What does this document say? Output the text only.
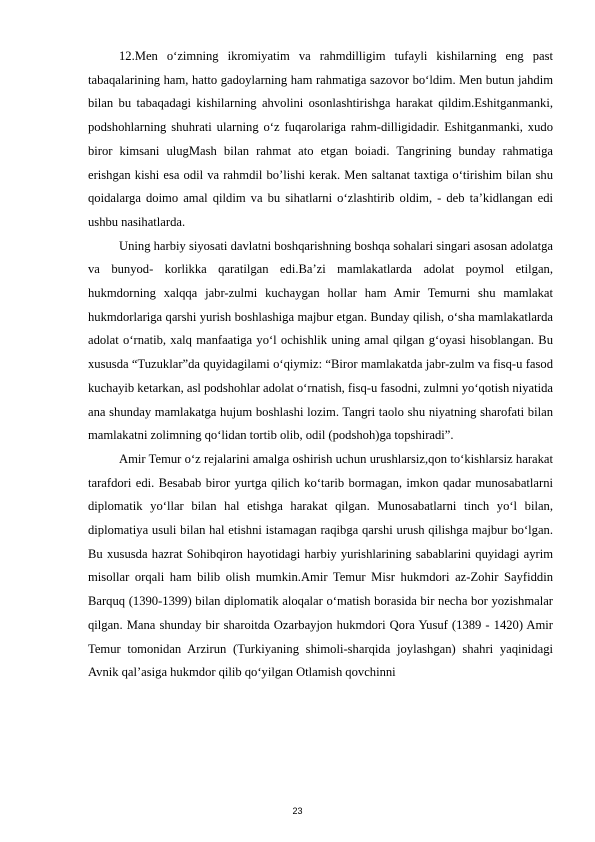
12.Men o‘zimning ikromiyatim va rahmdilligim tufayli kishilarning eng past tabaqalarining ham, hatto gadoylarning ham rahmatiga sazovor bo‘ldim. Men butun jahdim bilan bu tabaqadagi kishilarning ahvolini osonlashtirishga harakat qildim.Eshitganmanki, podshohlarning shuhrati ularning o‘z fuqarolariga rahm-dilligidadir. Eshitganmanki, xudo biror kimsani ulugMash bilan rahmat ato etgan boiadi. Tangrining bunday rahmatiga erishgan kishi esa odil va rahmdil bo’lishi kerak. Men saltanat taxtiga o‘tirishim bilan shu qoidalarga doimo amal qildim va bu sihatlarni o‘zlashtirib oldim, - deb ta’kidlangan edi ushbu nasihatlarda.

Uning harbiy siyosati davlatni boshqarishning boshqa sohalari singari asosan adolatga va bunyod- korlikka qaratilgan edi.Ba’zi mamlakatlarda adolat poymol etilgan, hukmdorning xalqqa jabr-zulmi kuchaygan hollar ham Amir Temurni shu mamlakat hukmdorlariga qarshi yurish boshlashiga majbur etgan. Bunday qilish, o‘sha mamlakatlarda adolat o‘rnatib, xalq manfaatiga yo‘l ochishlik uning amal qilgan g‘oyasi hisoblangan. Bu xususda “Tuzuklar”da quyidagilami o‘qiymiz: “Biror mamlakatda jabr-zulm va fisq-u fasod kuchayib ketarkan, asl podshohlar adolat o‘rnatish, fisq-u fasodni, zulmni yo‘qotish niyatida ana shunday mamlakatga hujum boshlashi lozim. Tangri taolo shu niyatning sharofati bilan mamlakatni zolimning qo‘lidan tortib olib, odil (podshoh)ga topshiradi”.

Amir Temur o‘z rejalarini amalga oshirish uchun urushlarsiz,qon to‘kishlarsiz harakat tarafdori edi. Besabab biror yurtga qilich ko‘tarib bormagan, imkon qadar munosabatlarni diplomatik yo‘llar bilan hal etishga harakat qilgan. Munosabatlarni tinch yo‘l bilan, diplomatiya usuli bilan hal etishni istamagan raqibga qarshi urush qilishga majbur bo‘lgan. Bu xususda hazrat Sohibqiron hayotidagi harbiy yurishlarining sabablarini quyidagi ayrim misollar orqali ham bilib olish mumkin.Amir Temur Misr hukmdori az-Zohir Sayfiddin Barquq (1390-1399) bilan diplomatik aloqalar o‘matish borasida bir necha bor yozishmalar qilgan. Mana shunday bir sharoitda Ozarbayjon hukmdori Qora Yusuf (1389 - 1420) Amir Temur tomonidan Arzirun (Turkiyaning shimoli-sharqida joylashgan) shahri yaqinidagi Avnik qal’asiga hukmdor qilib qo‘yilgan Otlamish qovchinni

23
